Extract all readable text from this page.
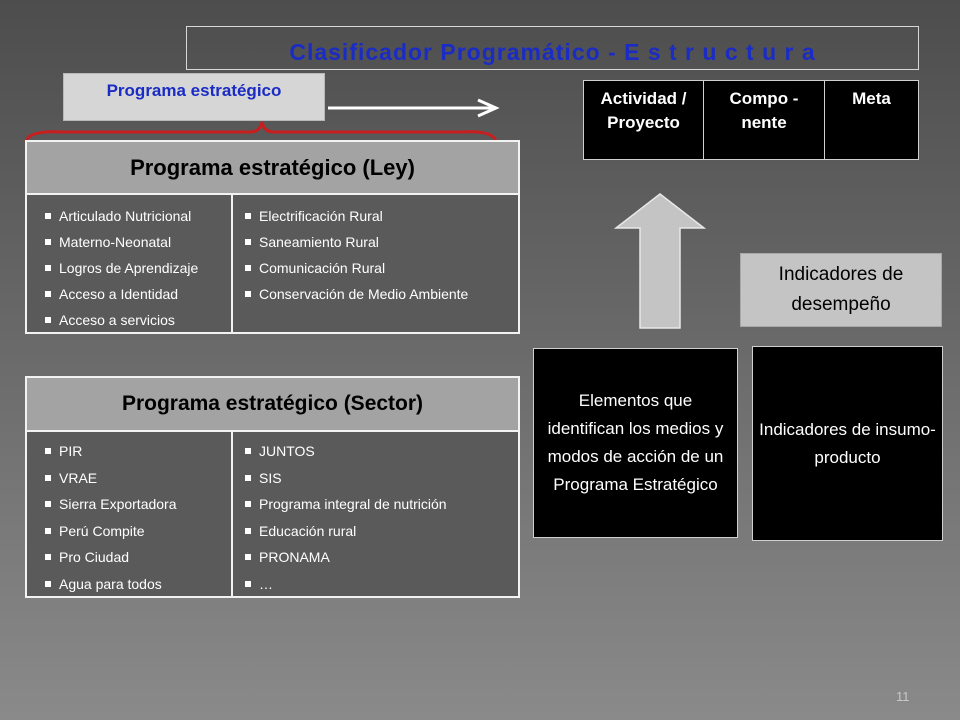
Clasificador Programático - E s t r u c t u r a
Programa estratégico
Programa estratégico (Ley)
Articulado Nutricional
Materno-Neonatal
Logros de Aprendizaje
Acceso a Identidad
Acceso a servicios
Electrificación Rural
Saneamiento Rural
Comunicación Rural
Conservación de Medio Ambiente
Programa estratégico (Sector)
PIR
VRAE
Sierra Exportadora
Perú Compite
Pro Ciudad
Agua para todos
JUNTOS
SIS
Programa integral de nutrición
Educación rural
PRONAMA
…
Actividad / Proyecto
Compo - nente
Meta
Indicadores de desempeño
Elementos que identifican los medios y modos de acción de un Programa Estratégico
Indicadores de insumo-producto
11
